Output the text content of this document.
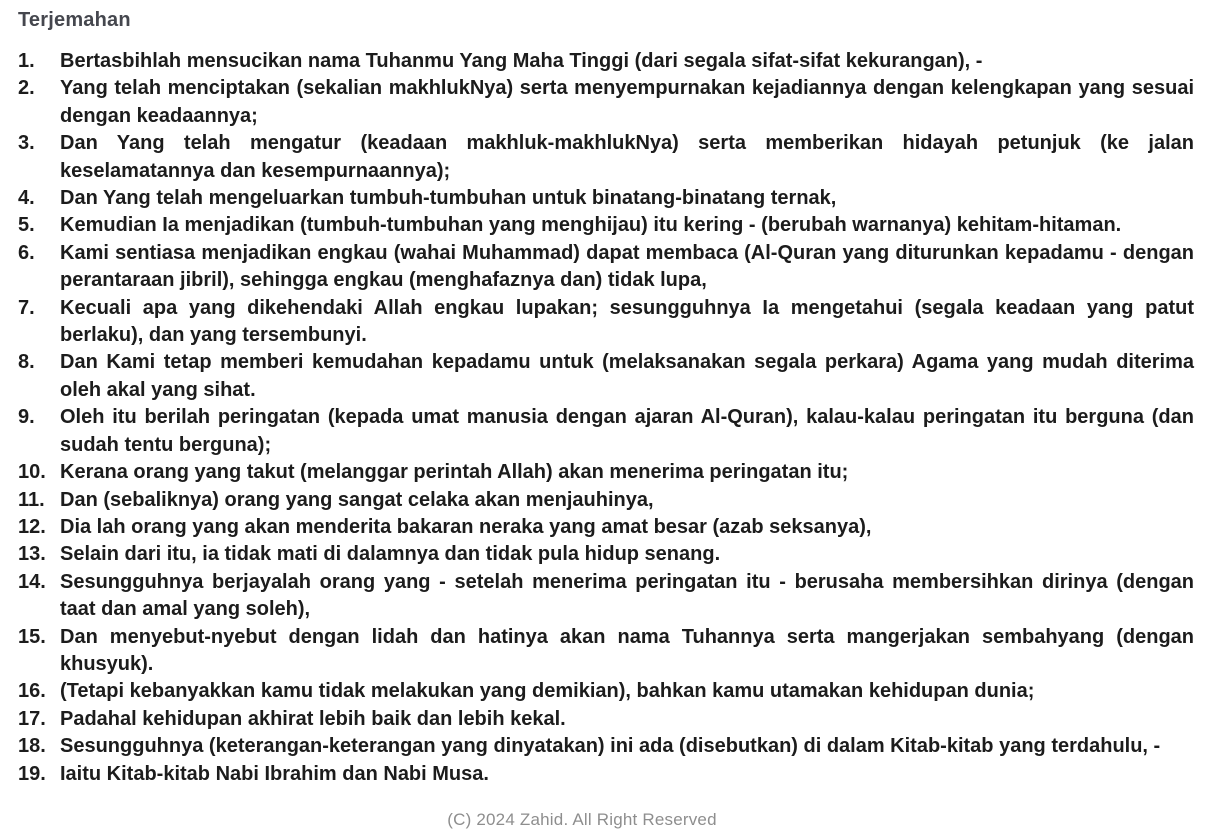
Terjemahan
1.	Bertasbihlah mensucikan nama Tuhanmu Yang Maha Tinggi (dari segala sifat-sifat kekurangan), -
2.	Yang telah menciptakan (sekalian makhlukNya) serta menyempurnakan kejadiannya dengan kelengkapan yang sesuai dengan keadaannya;
3.	Dan Yang telah mengatur (keadaan makhluk-makhlukNya) serta memberikan hidayah petunjuk (ke jalan keselamatannya dan kesempurnaannya);
4.	Dan Yang telah mengeluarkan tumbuh-tumbuhan untuk binatang-binatang ternak,
5.	Kemudian Ia menjadikan (tumbuh-tumbuhan yang menghijau) itu kering - (berubah warnanya) kehitam-hitaman.
6.	Kami sentiasa menjadikan engkau (wahai Muhammad) dapat membaca (Al-Quran yang diturunkan kepadamu - dengan perantaraan jibril), sehingga engkau (menghafaznya dan) tidak lupa,
7.	Kecuali apa yang dikehendaki Allah engkau lupakan; sesungguhnya Ia mengetahui (segala keadaan yang patut berlaku), dan yang tersembunyi.
8.	Dan Kami tetap memberi kemudahan kepadamu untuk (melaksanakan segala perkara) Agama yang mudah diterima oleh akal yang sihat.
9.	Oleh itu berilah peringatan (kepada umat manusia dengan ajaran Al-Quran), kalau-kalau peringatan itu berguna (dan sudah tentu berguna);
10. Kerana orang yang takut (melanggar perintah Allah) akan menerima peringatan itu;
11. Dan (sebaliknya) orang yang sangat celaka akan menjauhinya,
12. Dia lah orang yang akan menderita bakaran neraka yang amat besar (azab seksanya),
13. Selain dari itu, ia tidak mati di dalamnya dan tidak pula hidup senang.
14. Sesungguhnya berjayalah orang yang - setelah menerima peringatan itu - berusaha membersihkan dirinya (dengan taat dan amal yang soleh),
15. Dan menyebut-nyebut dengan lidah dan hatinya akan nama Tuhannya serta mangerjakan sembahyang (dengan khusyuk).
16. (Tetapi kebanyakkan kamu tidak melakukan yang demikian), bahkan kamu utamakan kehidupan dunia;
17. Padahal kehidupan akhirat lebih baik dan lebih kekal.
18. Sesungguhnya (keterangan-keterangan yang dinyatakan) ini ada (disebutkan) di dalam Kitab-kitab yang terdahulu, -
19. Iaitu Kitab-kitab Nabi Ibrahim dan Nabi Musa.
(C) 2024 Zahid. All Right Reserved
